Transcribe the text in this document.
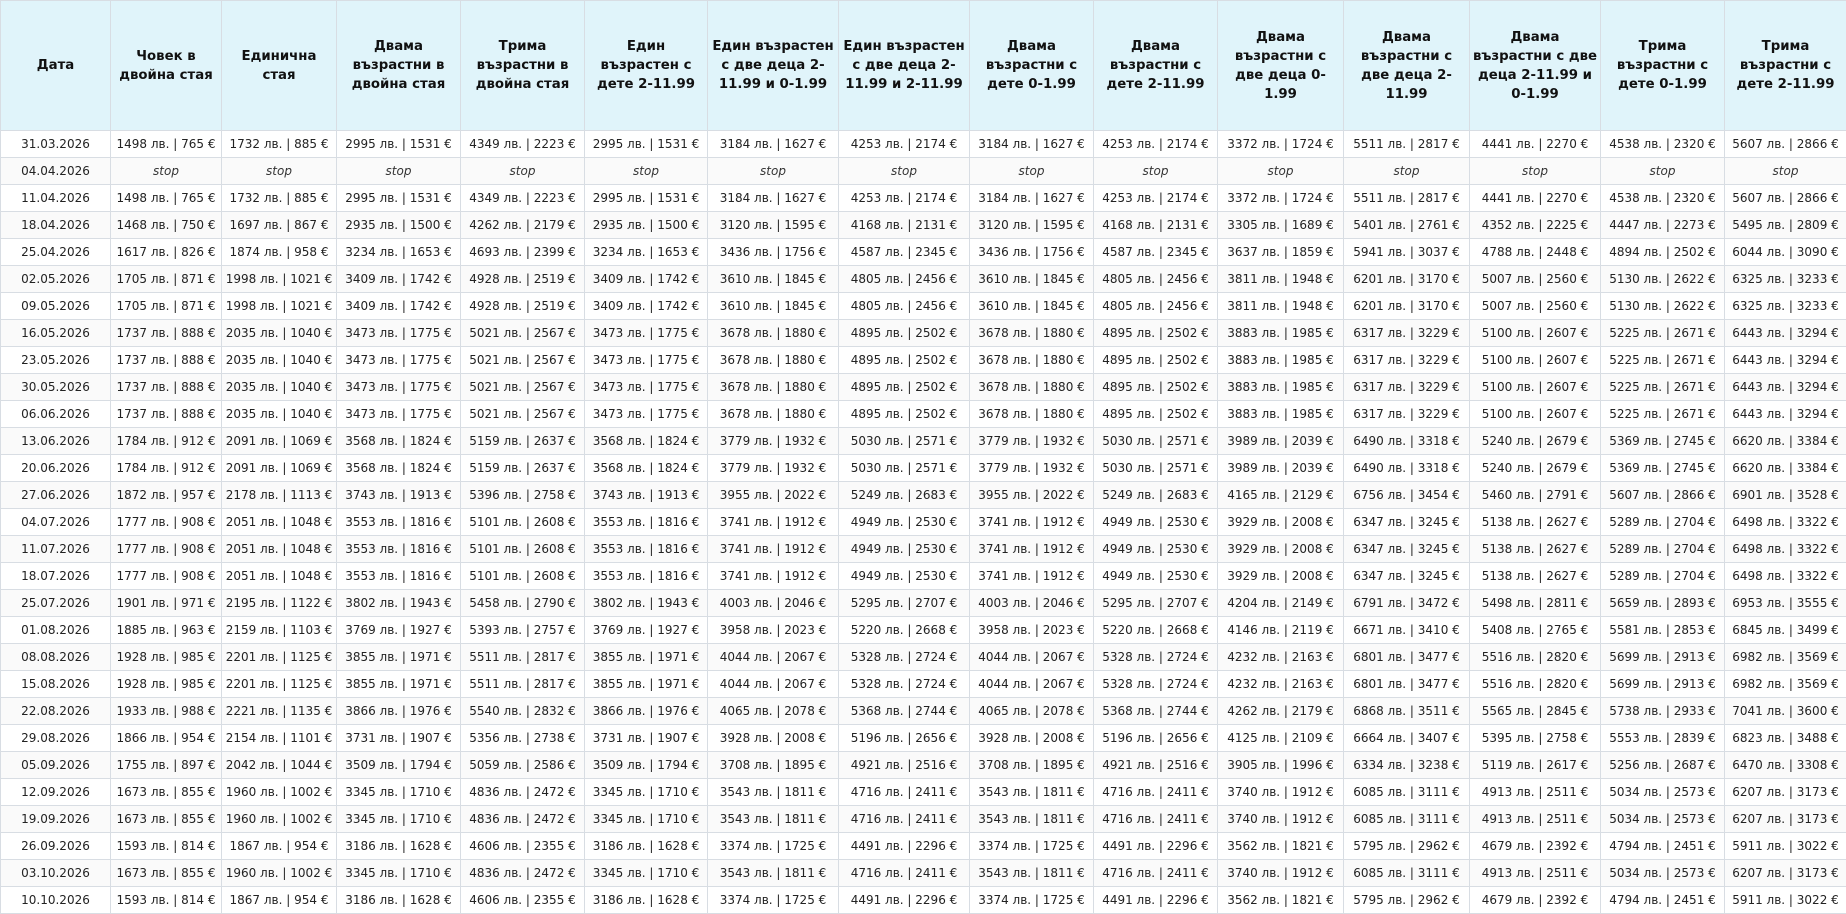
Дата	Човек в двойна стая	Единична стая	Двама възрастни в двойна стая	Трима възрастни в двойна стая	Един възрастен с дете 2-11.99	Един възрастен с две деца 2-11.99 и 0-1.99	Един възрастен с две деца 2-11.99 и 2-11.99	Двама възрастни с дете 0-1.99	Двама възрастни с дете 2-11.99	Двама възрастни с две деца 0-1.99	Двама възрастни с две деца 2-11.99	Двама възрастни с две деца 2-11.99 и 0-1.99	Трима възрастни с дете 0-1.99	Трима възрастни с дете 2-11.99
31.03.2026	1498 лв. | 765 €	1732 лв. | 885 €	2995 лв. | 1531 €	4349 лв. | 2223 €	2995 лв. | 1531 €	3184 лв. | 1627 €	4253 лв. | 2174 €	3184 лв. | 1627 €	4253 лв. | 2174 €	3372 лв. | 1724 €	5511 лв. | 2817 €	4441 лв. | 2270 €	4538 лв. | 2320 €	5607 лв. | 2866 €
04.04.2026	stop	stop	stop	stop	stop	stop	stop	stop	stop	stop	stop	stop	stop	stop
11.04.2026	1498 лв. | 765 €	1732 лв. | 885 €	2995 лв. | 1531 €	4349 лв. | 2223 €	2995 лв. | 1531 €	3184 лв. | 1627 €	4253 лв. | 2174 €	3184 лв. | 1627 €	4253 лв. | 2174 €	3372 лв. | 1724 €	5511 лв. | 2817 €	4441 лв. | 2270 €	4538 лв. | 2320 €	5607 лв. | 2866 €
18.04.2026	1468 лв. | 750 €	1697 лв. | 867 €	2935 лв. | 1500 €	4262 лв. | 2179 €	2935 лв. | 1500 €	3120 лв. | 1595 €	4168 лв. | 2131 €	3120 лв. | 1595 €	4168 лв. | 2131 €	3305 лв. | 1689 €	5401 лв. | 2761 €	4352 лв. | 2225 €	4447 лв. | 2273 €	5495 лв. | 2809 €
25.04.2026	1617 лв. | 826 €	1874 лв. | 958 €	3234 лв. | 1653 €	4693 лв. | 2399 €	3234 лв. | 1653 €	3436 лв. | 1756 €	4587 лв. | 2345 €	3436 лв. | 1756 €	4587 лв. | 2345 €	3637 лв. | 1859 €	5941 лв. | 3037 €	4788 лв. | 2448 €	4894 лв. | 2502 €	6044 лв. | 3090 €
02.05.2026	1705 лв. | 871 €	1998 лв. | 1021 €	3409 лв. | 1742 €	4928 лв. | 2519 €	3409 лв. | 1742 €	3610 лв. | 1845 €	4805 лв. | 2456 €	3610 лв. | 1845 €	4805 лв. | 2456 €	3811 лв. | 1948 €	6201 лв. | 3170 €	5007 лв. | 2560 €	5130 лв. | 2622 €	6325 лв. | 3233 €
09.05.2026	1705 лв. | 871 €	1998 лв. | 1021 €	3409 лв. | 1742 €	4928 лв. | 2519 €	3409 лв. | 1742 €	3610 лв. | 1845 €	4805 лв. | 2456 €	3610 лв. | 1845 €	4805 лв. | 2456 €	3811 лв. | 1948 €	6201 лв. | 3170 €	5007 лв. | 2560 €	5130 лв. | 2622 €	6325 лв. | 3233 €
16.05.2026	1737 лв. | 888 €	2035 лв. | 1040 €	3473 лв. | 1775 €	5021 лв. | 2567 €	3473 лв. | 1775 €	3678 лв. | 1880 €	4895 лв. | 2502 €	3678 лв. | 1880 €	4895 лв. | 2502 €	3883 лв. | 1985 €	6317 лв. | 3229 €	5100 лв. | 2607 €	5225 лв. | 2671 €	6443 лв. | 3294 €
23.05.2026	1737 лв. | 888 €	2035 лв. | 1040 €	3473 лв. | 1775 €	5021 лв. | 2567 €	3473 лв. | 1775 €	3678 лв. | 1880 €	4895 лв. | 2502 €	3678 лв. | 1880 €	4895 лв. | 2502 €	3883 лв. | 1985 €	6317 лв. | 3229 €	5100 лв. | 2607 €	5225 лв. | 2671 €	6443 лв. | 3294 €
30.05.2026	1737 лв. | 888 €	2035 лв. | 1040 €	3473 лв. | 1775 €	5021 лв. | 2567 €	3473 лв. | 1775 €	3678 лв. | 1880 €	4895 лв. | 2502 €	3678 лв. | 1880 €	4895 лв. | 2502 €	3883 лв. | 1985 €	6317 лв. | 3229 €	5100 лв. | 2607 €	5225 лв. | 2671 €	6443 лв. | 3294 €
06.06.2026	1737 лв. | 888 €	2035 лв. | 1040 €	3473 лв. | 1775 €	5021 лв. | 2567 €	3473 лв. | 1775 €	3678 лв. | 1880 €	4895 лв. | 2502 €	3678 лв. | 1880 €	4895 лв. | 2502 €	3883 лв. | 1985 €	6317 лв. | 3229 €	5100 лв. | 2607 €	5225 лв. | 2671 €	6443 лв. | 3294 €
13.06.2026	1784 лв. | 912 €	2091 лв. | 1069 €	3568 лв. | 1824 €	5159 лв. | 2637 €	3568 лв. | 1824 €	3779 лв. | 1932 €	5030 лв. | 2571 €	3779 лв. | 1932 €	5030 лв. | 2571 €	3989 лв. | 2039 €	6490 лв. | 3318 €	5240 лв. | 2679 €	5369 лв. | 2745 €	6620 лв. | 3384 €
20.06.2026	1784 лв. | 912 €	2091 лв. | 1069 €	3568 лв. | 1824 €	5159 лв. | 2637 €	3568 лв. | 1824 €	3779 лв. | 1932 €	5030 лв. | 2571 €	3779 лв. | 1932 €	5030 лв. | 2571 €	3989 лв. | 2039 €	6490 лв. | 3318 €	5240 лв. | 2679 €	5369 лв. | 2745 €	6620 лв. | 3384 €
27.06.2026	1872 лв. | 957 €	2178 лв. | 1113 €	3743 лв. | 1913 €	5396 лв. | 2758 €	3743 лв. | 1913 €	3955 лв. | 2022 €	5249 лв. | 2683 €	3955 лв. | 2022 €	5249 лв. | 2683 €	4165 лв. | 2129 €	6756 лв. | 3454 €	5460 лв. | 2791 €	5607 лв. | 2866 €	6901 лв. | 3528 €
04.07.2026	1777 лв. | 908 €	2051 лв. | 1048 €	3553 лв. | 1816 €	5101 лв. | 2608 €	3553 лв. | 1816 €	3741 лв. | 1912 €	4949 лв. | 2530 €	3741 лв. | 1912 €	4949 лв. | 2530 €	3929 лв. | 2008 €	6347 лв. | 3245 €	5138 лв. | 2627 €	5289 лв. | 2704 €	6498 лв. | 3322 €
11.07.2026	1777 лв. | 908 €	2051 лв. | 1048 €	3553 лв. | 1816 €	5101 лв. | 2608 €	3553 лв. | 1816 €	3741 лв. | 1912 €	4949 лв. | 2530 €	3741 лв. | 1912 €	4949 лв. | 2530 €	3929 лв. | 2008 €	6347 лв. | 3245 €	5138 лв. | 2627 €	5289 лв. | 2704 €	6498 лв. | 3322 €
18.07.2026	1777 лв. | 908 €	2051 лв. | 1048 €	3553 лв. | 1816 €	5101 лв. | 2608 €	3553 лв. | 1816 €	3741 лв. | 1912 €	4949 лв. | 2530 €	3741 лв. | 1912 €	4949 лв. | 2530 €	3929 лв. | 2008 €	6347 лв. | 3245 €	5138 лв. | 2627 €	5289 лв. | 2704 €	6498 лв. | 3322 €
25.07.2026	1901 лв. | 971 €	2195 лв. | 1122 €	3802 лв. | 1943 €	5458 лв. | 2790 €	3802 лв. | 1943 €	4003 лв. | 2046 €	5295 лв. | 2707 €	4003 лв. | 2046 €	5295 лв. | 2707 €	4204 лв. | 2149 €	6791 лв. | 3472 €	5498 лв. | 2811 €	5659 лв. | 2893 €	6953 лв. | 3555 €
01.08.2026	1885 лв. | 963 €	2159 лв. | 1103 €	3769 лв. | 1927 €	5393 лв. | 2757 €	3769 лв. | 1927 €	3958 лв. | 2023 €	5220 лв. | 2668 €	3958 лв. | 2023 €	5220 лв. | 2668 €	4146 лв. | 2119 €	6671 лв. | 3410 €	5408 лв. | 2765 €	5581 лв. | 2853 €	6845 лв. | 3499 €
08.08.2026	1928 лв. | 985 €	2201 лв. | 1125 €	3855 лв. | 1971 €	5511 лв. | 2817 €	3855 лв. | 1971 €	4044 лв. | 2067 €	5328 лв. | 2724 €	4044 лв. | 2067 €	5328 лв. | 2724 €	4232 лв. | 2163 €	6801 лв. | 3477 €	5516 лв. | 2820 €	5699 лв. | 2913 €	6982 лв. | 3569 €
15.08.2026	1928 лв. | 985 €	2201 лв. | 1125 €	3855 лв. | 1971 €	5511 лв. | 2817 €	3855 лв. | 1971 €	4044 лв. | 2067 €	5328 лв. | 2724 €	4044 лв. | 2067 €	5328 лв. | 2724 €	4232 лв. | 2163 €	6801 лв. | 3477 €	5516 лв. | 2820 €	5699 лв. | 2913 €	6982 лв. | 3569 €
22.08.2026	1933 лв. | 988 €	2221 лв. | 1135 €	3866 лв. | 1976 €	5540 лв. | 2832 €	3866 лв. | 1976 €	4065 лв. | 2078 €	5368 лв. | 2744 €	4065 лв. | 2078 €	5368 лв. | 2744 €	4262 лв. | 2179 €	6868 лв. | 3511 €	5565 лв. | 2845 €	5738 лв. | 2933 €	7041 лв. | 3600 €
29.08.2026	1866 лв. | 954 €	2154 лв. | 1101 €	3731 лв. | 1907 €	5356 лв. | 2738 €	3731 лв. | 1907 €	3928 лв. | 2008 €	5196 лв. | 2656 €	3928 лв. | 2008 €	5196 лв. | 2656 €	4125 лв. | 2109 €	6664 лв. | 3407 €	5395 лв. | 2758 €	5553 лв. | 2839 €	6823 лв. | 3488 €
05.09.2026	1755 лв. | 897 €	2042 лв. | 1044 €	3509 лв. | 1794 €	5059 лв. | 2586 €	3509 лв. | 1794 €	3708 лв. | 1895 €	4921 лв. | 2516 €	3708 лв. | 1895 €	4921 лв. | 2516 €	3905 лв. | 1996 €	6334 лв. | 3238 €	5119 лв. | 2617 €	5256 лв. | 2687 €	6470 лв. | 3308 €
12.09.2026	1673 лв. | 855 €	1960 лв. | 1002 €	3345 лв. | 1710 €	4836 лв. | 2472 €	3345 лв. | 1710 €	3543 лв. | 1811 €	4716 лв. | 2411 €	3543 лв. | 1811 €	4716 лв. | 2411 €	3740 лв. | 1912 €	6085 лв. | 3111 €	4913 лв. | 2511 €	5034 лв. | 2573 €	6207 лв. | 3173 €
19.09.2026	1673 лв. | 855 €	1960 лв. | 1002 €	3345 лв. | 1710 €	4836 лв. | 2472 €	3345 лв. | 1710 €	3543 лв. | 1811 €	4716 лв. | 2411 €	3543 лв. | 1811 €	4716 лв. | 2411 €	3740 лв. | 1912 €	6085 лв. | 3111 €	4913 лв. | 2511 €	5034 лв. | 2573 €	6207 лв. | 3173 €
26.09.2026	1593 лв. | 814 €	1867 лв. | 954 €	3186 лв. | 1628 €	4606 лв. | 2355 €	3186 лв. | 1628 €	3374 лв. | 1725 €	4491 лв. | 2296 €	3374 лв. | 1725 €	4491 лв. | 2296 €	3562 лв. | 1821 €	5795 лв. | 2962 €	4679 лв. | 2392 €	4794 лв. | 2451 €	5911 лв. | 3022 €
03.10.2026	1673 лв. | 855 €	1960 лв. | 1002 €	3345 лв. | 1710 €	4836 лв. | 2472 €	3345 лв. | 1710 €	3543 лв. | 1811 €	4716 лв. | 2411 €	3543 лв. | 1811 €	4716 лв. | 2411 €	3740 лв. | 1912 €	6085 лв. | 3111 €	4913 лв. | 2511 €	5034 лв. | 2573 €	6207 лв. | 3173 €
10.10.2026	1593 лв. | 814 €	1867 лв. | 954 €	3186 лв. | 1628 €	4606 лв. | 2355 €	3186 лв. | 1628 €	3374 лв. | 1725 €	4491 лв. | 2296 €	3374 лв. | 1725 €	4491 лв. | 2296 €	3562 лв. | 1821 €	5795 лв. | 2962 €	4679 лв. | 2392 €	4794 лв. | 2451 €	5911 лв. | 3022 €
